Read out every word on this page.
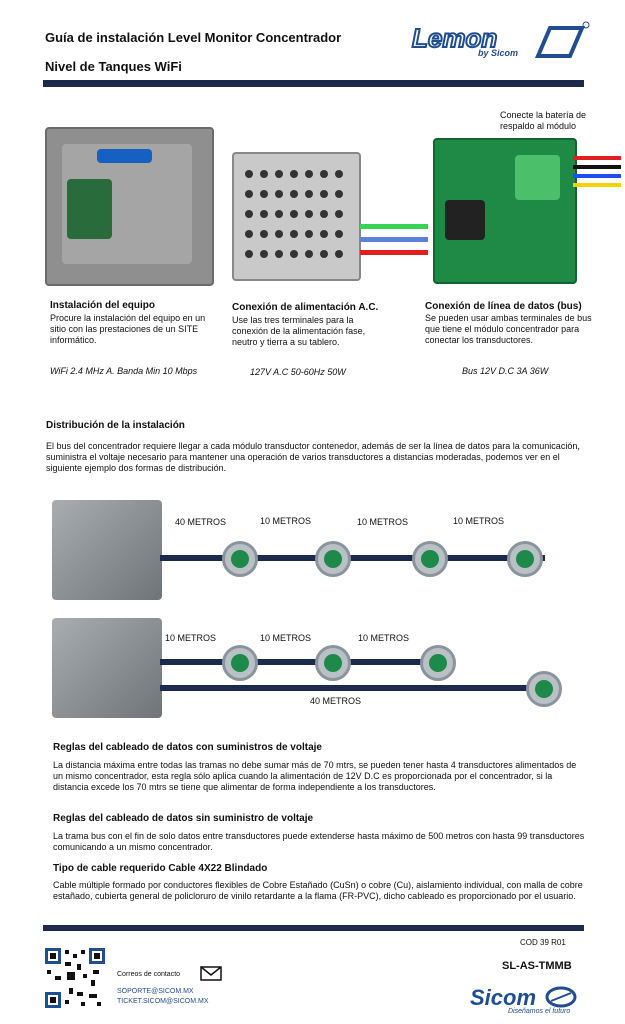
Guía de instalación Level Monitor Concentrador
Nivel de Tanques WiFi
Lemon
by Sicom
Conecte la batería de respaldo al módulo
Instalación del equipo
Procure la instalación del equipo en un sitio con las prestaciones de un SITE informático.
WiFi 2.4 MHz A. Banda Min 10 Mbps
Conexión de alimentación A.C.
Use las tres terminales para la conexión de la alimentación fase, neutro y tierra a su tablero.
127V A.C 50-60Hz 50W
Conexión de línea de datos (bus)
Se pueden usar ambas terminales de bus que tiene el módulo concentrador para conectar los transductores.
Bus 12V D.C 3A 36W
Distribución de la instalación
El bus del concentrador requiere llegar a cada módulo transductor contenedor, además de ser la línea de datos para la comunicación, suministra el voltaje necesario para mantener una operación de varios transductores a distancias moderadas, podemos ver en el siguiente ejemplo dos formas de distribución.
40 METROS	10 METROS	10 METROS	10 METROS
10 METROS	10 METROS	10 METROS
40 METROS
Reglas del cableado de datos con suministros de voltaje
La distancia máxima entre todas las tramas no debe sumar más de 70 mtrs, se pueden tener hasta 4 transductores alimentados de un mismo concentrador, esta regla sólo aplica cuando la alimentación de 12V D.C es proporcionada por el concentrador, si la distancia excede los 70 mtrs se tiene que alimentar de forma independiente a los transductores.
Reglas del cableado de datos sin suministro de voltaje
La trama bus con el fin de solo datos entre transductores puede extenderse hasta máximo de 500 metros con hasta 99 transductores comunicando a un mismo concentrador.
Tipo de cable requerido Cable 4X22 Blindado
Cable múltiple formado por conductores flexibles de Cobre Estañado (CuSn) o cobre (Cu), aislamiento individual, con malla de cobre estañado, cubierta general de policloruro de vinilo retardante a la flama (FR-PVC), dicho cableado es proporcionado por el usuario.
Correos de contacto
SOPORTE@SICOM.MX
TICKET.SICOM@SICOM.MX
COD 39 R01
SL-AS-TMMB
Sicom
Diseñamos el futuro
